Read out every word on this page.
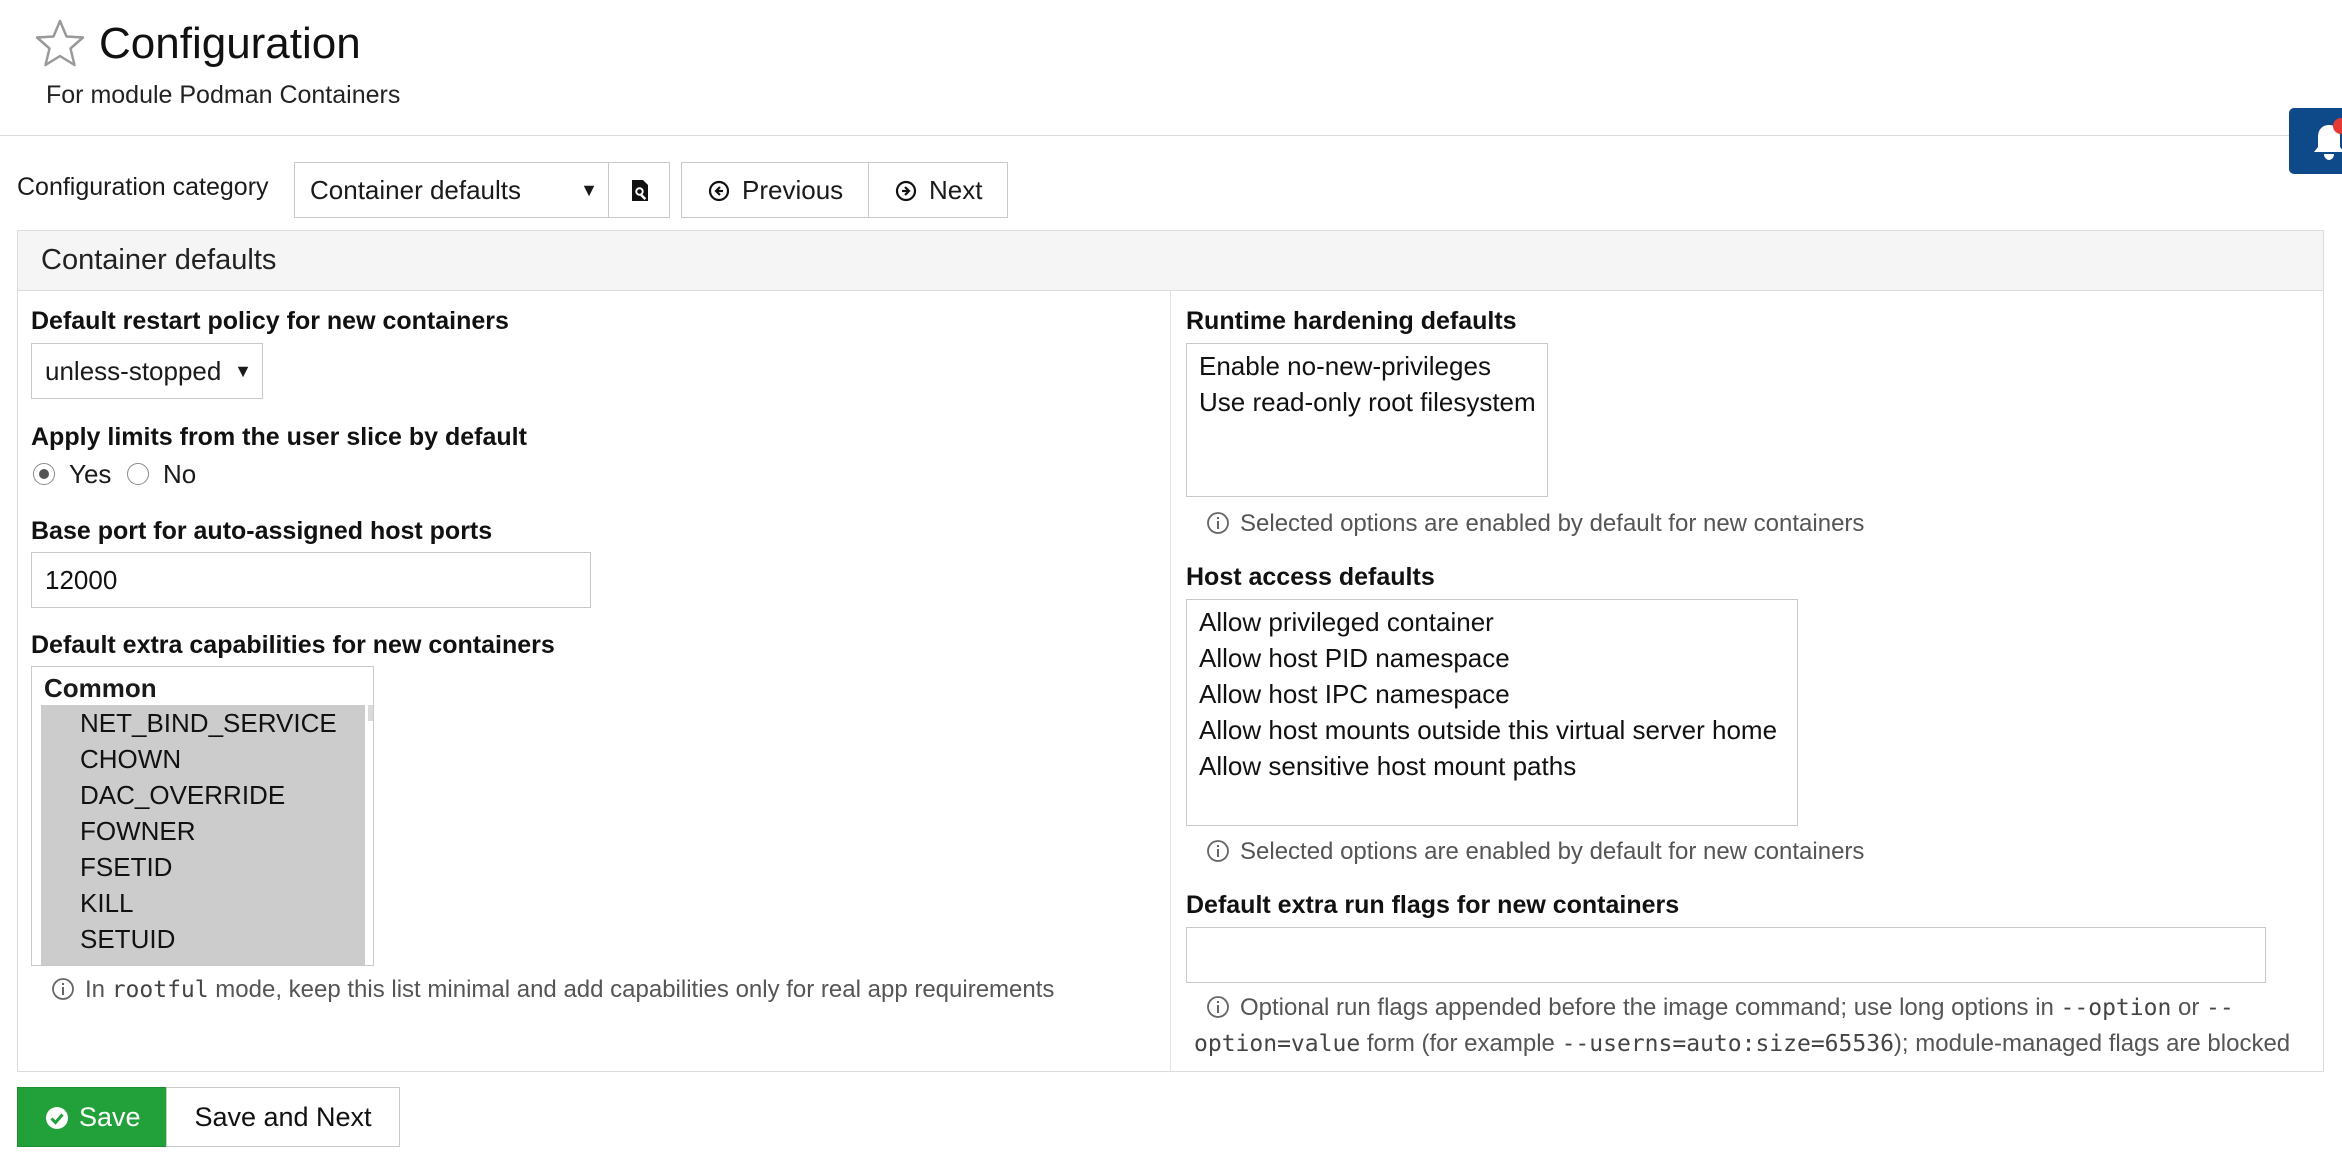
Configuration
For module Podman Containers
Configuration category	Container defaults	▼	Previous	Next
Container defaults
Default restart policy for new containers
unless-stopped ▼
Apply limits from the user slice by default
Yes No
Base port for auto-assigned host ports
12000
Default extra capabilities for new containers
Common
NET_BIND_SERVICE
CHOWN
DAC_OVERRIDE
FOWNER
FSETID
KILL
SETUID
In rootful mode, keep this list minimal and add capabilities only for real app requirements
Runtime hardening defaults
Enable no-new-privileges
Use read-only root filesystem
Selected options are enabled by default for new containers
Host access defaults
Allow privileged container
Allow host PID namespace
Allow host IPC namespace
Allow host mounts outside this virtual server home
Allow sensitive host mount paths
Selected options are enabled by default for new containers
Default extra run flags for new containers
Optional run flags appended before the image command; use long options in --option or --
option=value form (for example --userns=auto:size=65536); module-managed flags are blocked
Save	Save and Next
